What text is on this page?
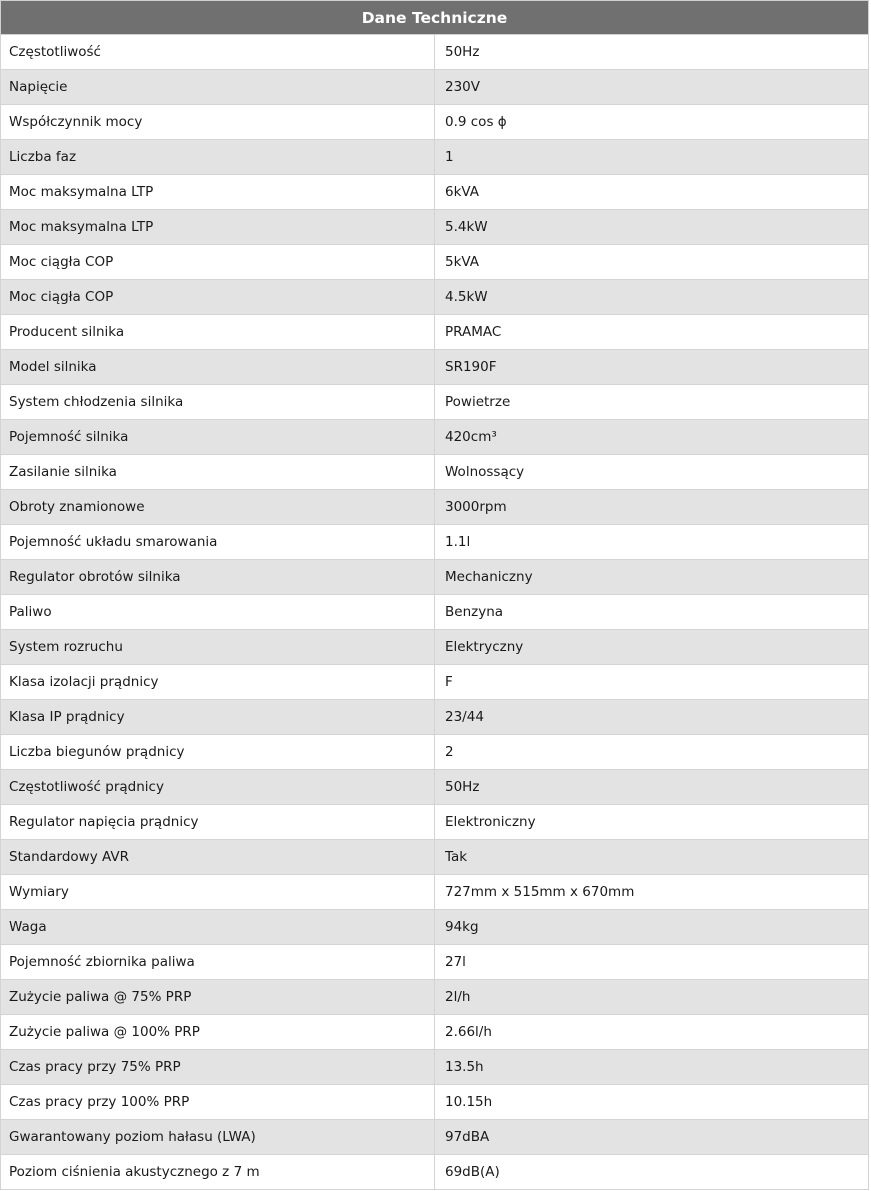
Dane Techniczne	
Częstotliwość	50Hz
Napięcie	230V
Współczynnik mocy	0.9 cos ϕ
Liczba faz	1
Moc maksymalna LTP	6kVA
Moc maksymalna LTP	5.4kW
Moc ciągła COP	5kVA
Moc ciągła COP	4.5kW
Producent silnika	PRAMAC
Model silnika	SR190F
System chłodzenia silnika	Powietrze
Pojemność silnika	420cm³
Zasilanie silnika	Wolnossący
Obroty znamionowe	3000rpm
Pojemność układu smarowania	1.1l
Regulator obrotów silnika	Mechaniczny
Paliwo	Benzyna
System rozruchu	Elektryczny
Klasa izolacji prądnicy	F
Klasa IP prądnicy	23/44
Liczba biegunów prądnicy	2
Częstotliwość prądnicy	50Hz
Regulator napięcia prądnicy	Elektroniczny
Standardowy AVR	Tak
Wymiary	727mm x 515mm x 670mm
Waga	94kg
Pojemność zbiornika paliwa	27l
Zużycie paliwa @ 75% PRP	2l/h
Zużycie paliwa @ 100% PRP	2.66l/h
Czas pracy przy 75% PRP	13.5h
Czas pracy przy 100% PRP	10.15h
Gwarantowany poziom hałasu (LWA)	97dBA
Poziom ciśnienia akustycznego z 7 m	69dB(A)
